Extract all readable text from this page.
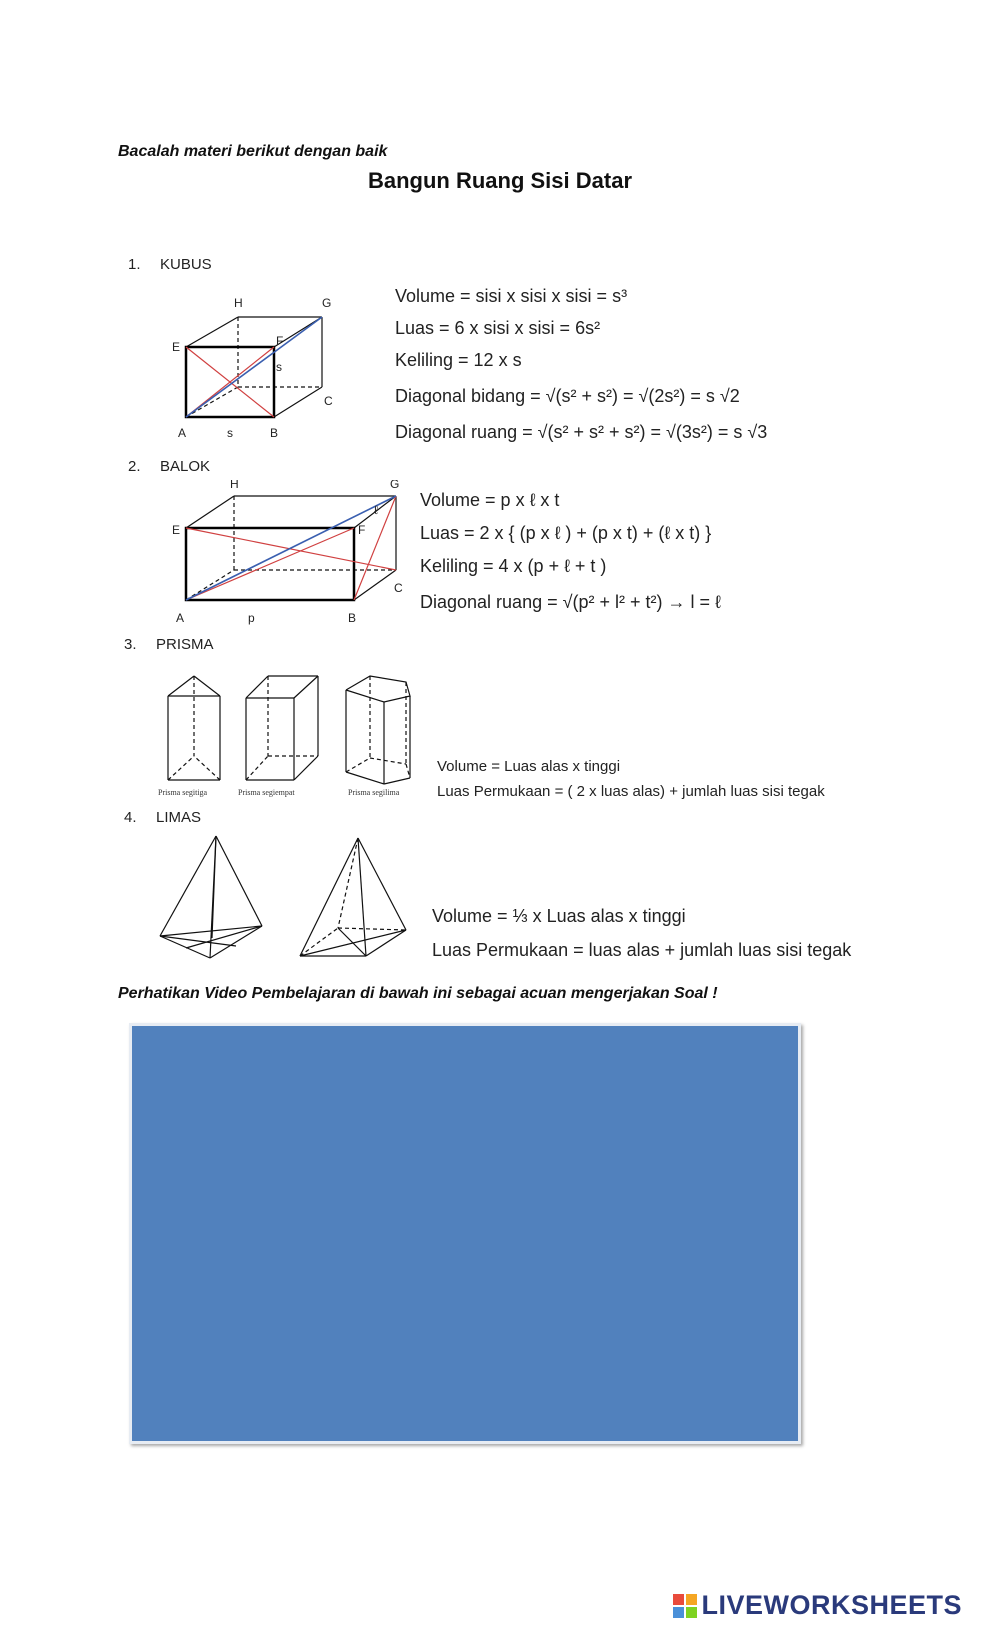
Bacalah materi berikut dengan baik
Bangun Ruang Sisi Datar
1. KUBUS
H	G
E	F
A	B
C
s
s
Volume = sisi x sisi x sisi = s³
Luas = 6 x sisi x sisi = 6s²
Keliling = 12 x s
Diagonal bidang = √(s² + s²) = √(2s²) = s √2
Diagonal ruang = √(s² + s² + s²) = √(3s²) = s √3
2. BALOK
H	G
E	F
A	B
C
p
ℓ Volume = p x ℓ x t
Luas = 2 x { (p x ℓ ) + (p x t) + (ℓ x t) }
Keliling = 4 x (p + ℓ + t )
Diagonal ruang = √(p² + l² + t²) → l = ℓ
3. PRISMA
Prisma segitiga	Prisma segiempat	Prisma segilima
Volume = Luas alas x tinggi
Luas Permukaan = ( 2 x luas alas) + jumlah luas sisi tegak
4. LIMAS
Volume = ⅓ x Luas alas x tinggi
Luas Permukaan = luas alas + jumlah luas sisi tegak
Perhatikan Video Pembelajaran di bawah ini sebagai acuan mengerjakan Soal !
LIVEWORKSHEETS
